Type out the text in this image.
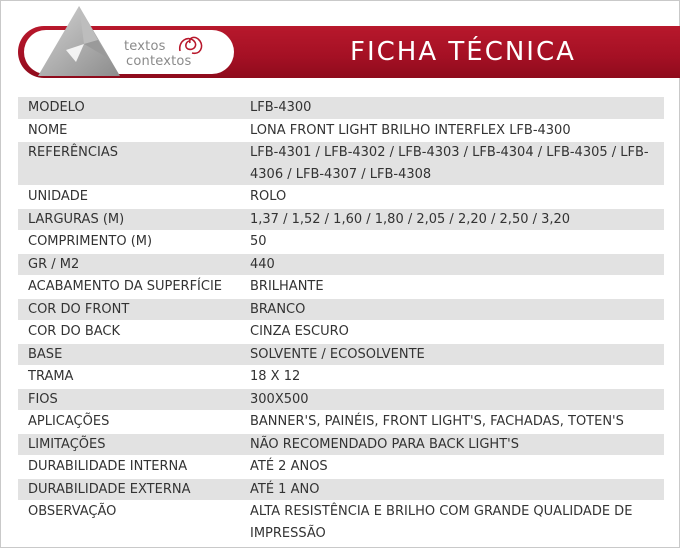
textos
contextos	FICHA TÉCNICA
MODELO	LFB-4300
NOME	LONA FRONT LIGHT BRILHO INTERFLEX LFB-4300
REFERÊNCIAS	LFB-4301 / LFB-4302 / LFB-4303 / LFB-4304 / LFB-4305 / LFB-4306 / LFB-4307 / LFB-4308
UNIDADE	ROLO
LARGURAS (M)	1,37 / 1,52 / 1,60 / 1,80 / 2,05 / 2,20 / 2,50 / 3,20
COMPRIMENTO (M)	50
GR / M2	440
ACABAMENTO DA SUPERFÍCIE	BRILHANTE
COR DO FRONT	BRANCO
COR DO BACK	CINZA ESCURO
BASE	SOLVENTE / ECOSOLVENTE
TRAMA	18 X 12
FIOS	300X500
APLICAÇÕES	BANNER'S, PAINÉIS, FRONT LIGHT'S, FACHADAS, TOTEN'S
LIMITAÇÕES	NÃO RECOMENDADO PARA BACK LIGHT'S
DURABILIDADE INTERNA	ATÉ 2 ANOS
DURABILIDADE EXTERNA	ATÉ 1 ANO
OBSERVAÇÃO	ALTA RESISTÊNCIA E BRILHO COM GRANDE QUALIDADE DE IMPRESSÃO
